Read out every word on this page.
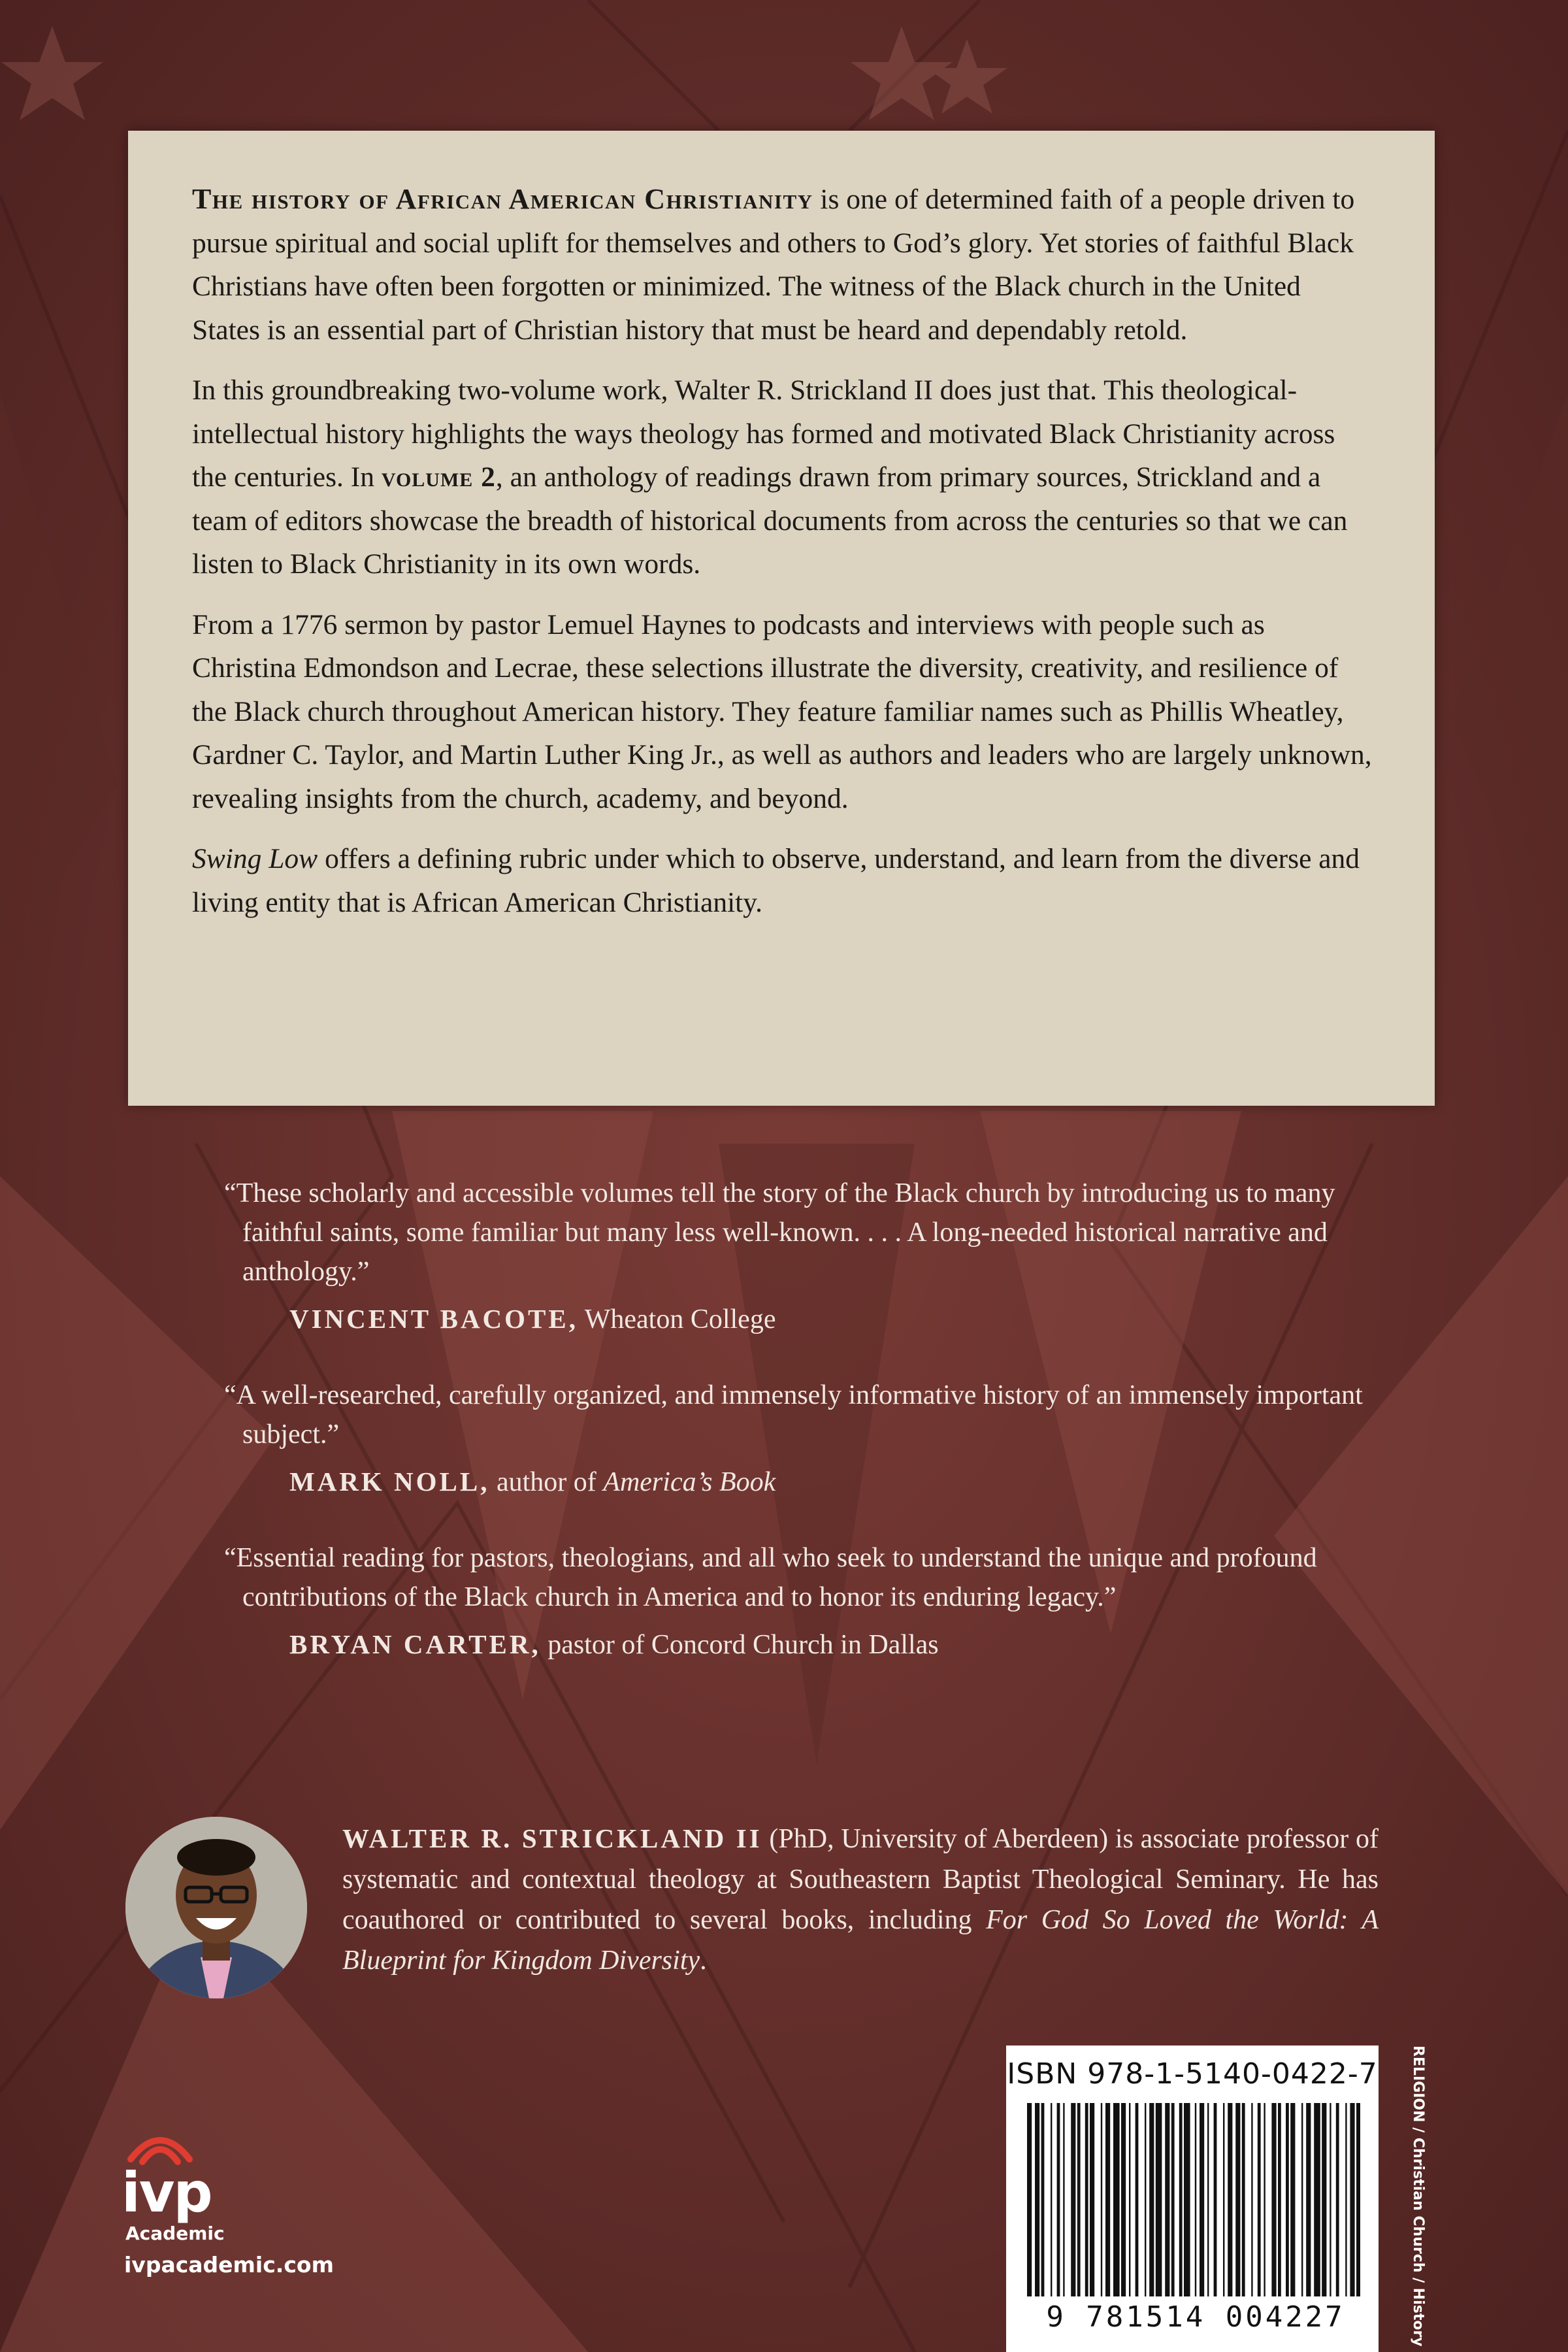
The history of African American Christianity is one of determined faith of a people driven to pursue spiritual and social uplift for themselves and others to God’s glory. Yet stories of faithful Black Christians have often been forgotten or minimized. The witness of the Black church in the United States is an essential part of Christian history that must be heard and dependably retold.

In this groundbreaking two-volume work, Walter R. Strickland II does just that. This theological-intellectual history highlights the ways theology has formed and motivated Black Christianity across the centuries. In volume 2, an anthology of readings drawn from primary sources, Strickland and a team of editors showcase the breadth of historical documents from across the centuries so that we can listen to Black Christianity in its own words.

From a 1776 sermon by pastor Lemuel Haynes to podcasts and interviews with people such as Christina Edmondson and Lecrae, these selections illustrate the diversity, creativity, and resilience of the Black church throughout American history. They feature familiar names such as Phillis Wheatley, Gardner C. Taylor, and Martin Luther King Jr., as well as authors and leaders who are largely unknown, revealing insights from the church, academy, and beyond.

Swing Low offers a defining rubric under which to observe, understand, and learn from the diverse and living entity that is African American Christianity.

“These scholarly and accessible volumes tell the story of the Black church by introducing us to many faithful saints, some familiar but many less well-known. . . . A long-needed historical narrative and anthology.”

VINCENT BACOTE, Wheaton College

“A well-researched, carefully organized, and immensely informative history of an immensely important subject.”

MARK NOLL, author of America’s Book

“Essential reading for pastors, theologians, and all who seek to understand the unique and profound contributions of the Black church in America and to honor its enduring legacy.”

BRYAN CARTER, pastor of Concord Church in Dallas

WALTER R. STRICKLAND II (PhD, University of Aberdeen) is associate professor of systematic and contextual theology at Southeastern Baptist Theological Seminary. He has coauthored or contributed to several books, including For God So Loved the World: A Blueprint for Kingdom Diversity.

ivp
Academic
ivpacademic.com
ISBN 978-1-5140-0422-7
9 781514 004227	RELIGION / Christian Church / History
